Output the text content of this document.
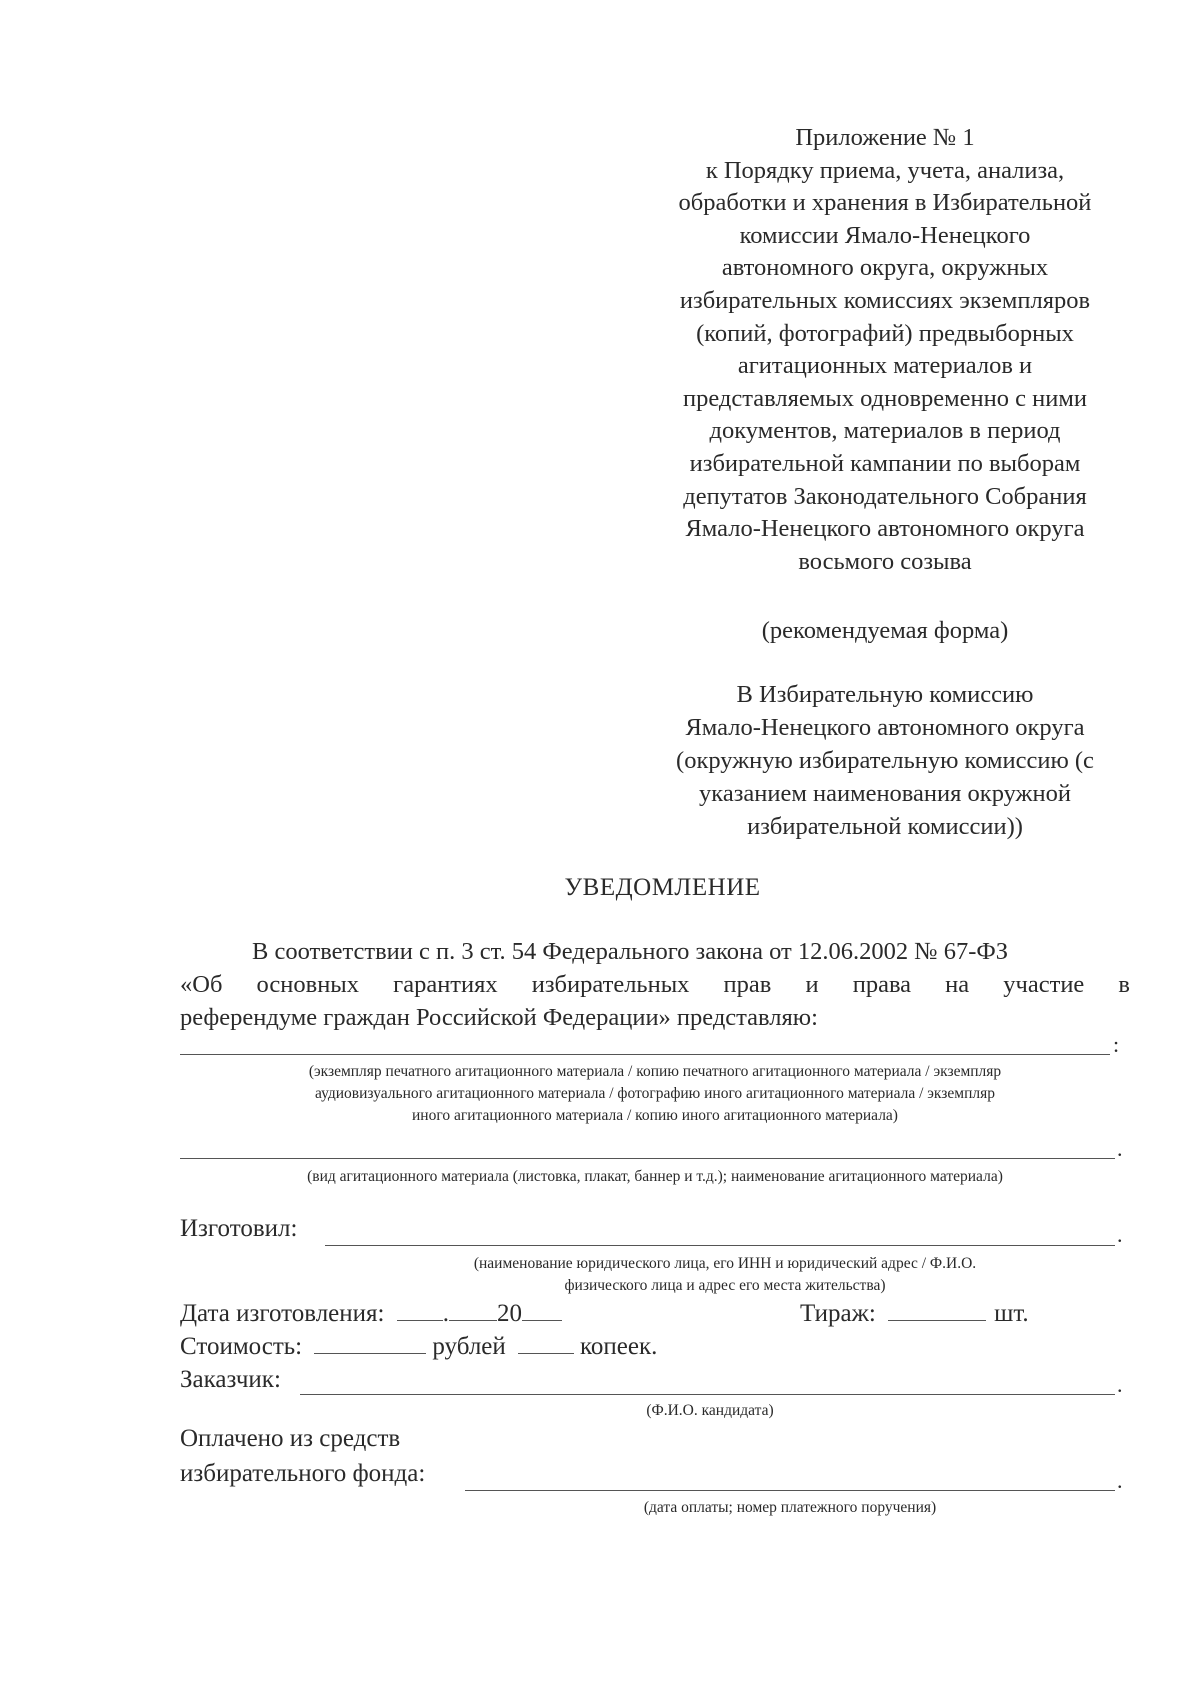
Приложение № 1
к Порядку приема, учета, анализа,
обработки и хранения в Избирательной
комиссии Ямало-Ненецкого
автономного округа, окружных
избирательных комиссиях экземпляров
(копий, фотографий) предвыборных
агитационных материалов и
представляемых одновременно с ними
документов, материалов в период
избирательной кампании по выборам
депутатов Законодательного Собрания
Ямало-Ненецкого автономного округа
восьмого созыва
(рекомендуемая форма)
В Избирательную комиссию
Ямало-Ненецкого автономного округа
(окружную избирательную комиссию (с
указанием наименования окружной
избирательной комиссии))
УВЕДОМЛЕНИЕ
В соответствии с п. 3 ст. 54 Федерального закона от 12.06.2002 № 67-ФЗ
«Об основных гарантиях избирательных прав и права на участие в
референдуме граждан Российской Федерации» представляю:
:
(экземпляр печатного агитационного материала / копию печатного агитационного материала / экземпляр
аудиовизуального агитационного материала / фотографию иного агитационного материала / экземпляр
иного агитационного материала / копию иного агитационного материала)
.
(вид агитационного материала (листовка, плакат, баннер и т.д.); наименование агитационного материала)
Изготовил:	.
(наименование юридического лица, его ИНН и юридический адрес / Ф.И.О.
физического лица и адрес его места жительства)
Дата изготовления: . 20	Тираж:	шт.
Стоимость:	рублей	копеек.
Заказчик:	.
(Ф.И.О. кандидата)
Оплачено из средств
избирательного фонда:	.
(дата оплаты; номер платежного поручения)
